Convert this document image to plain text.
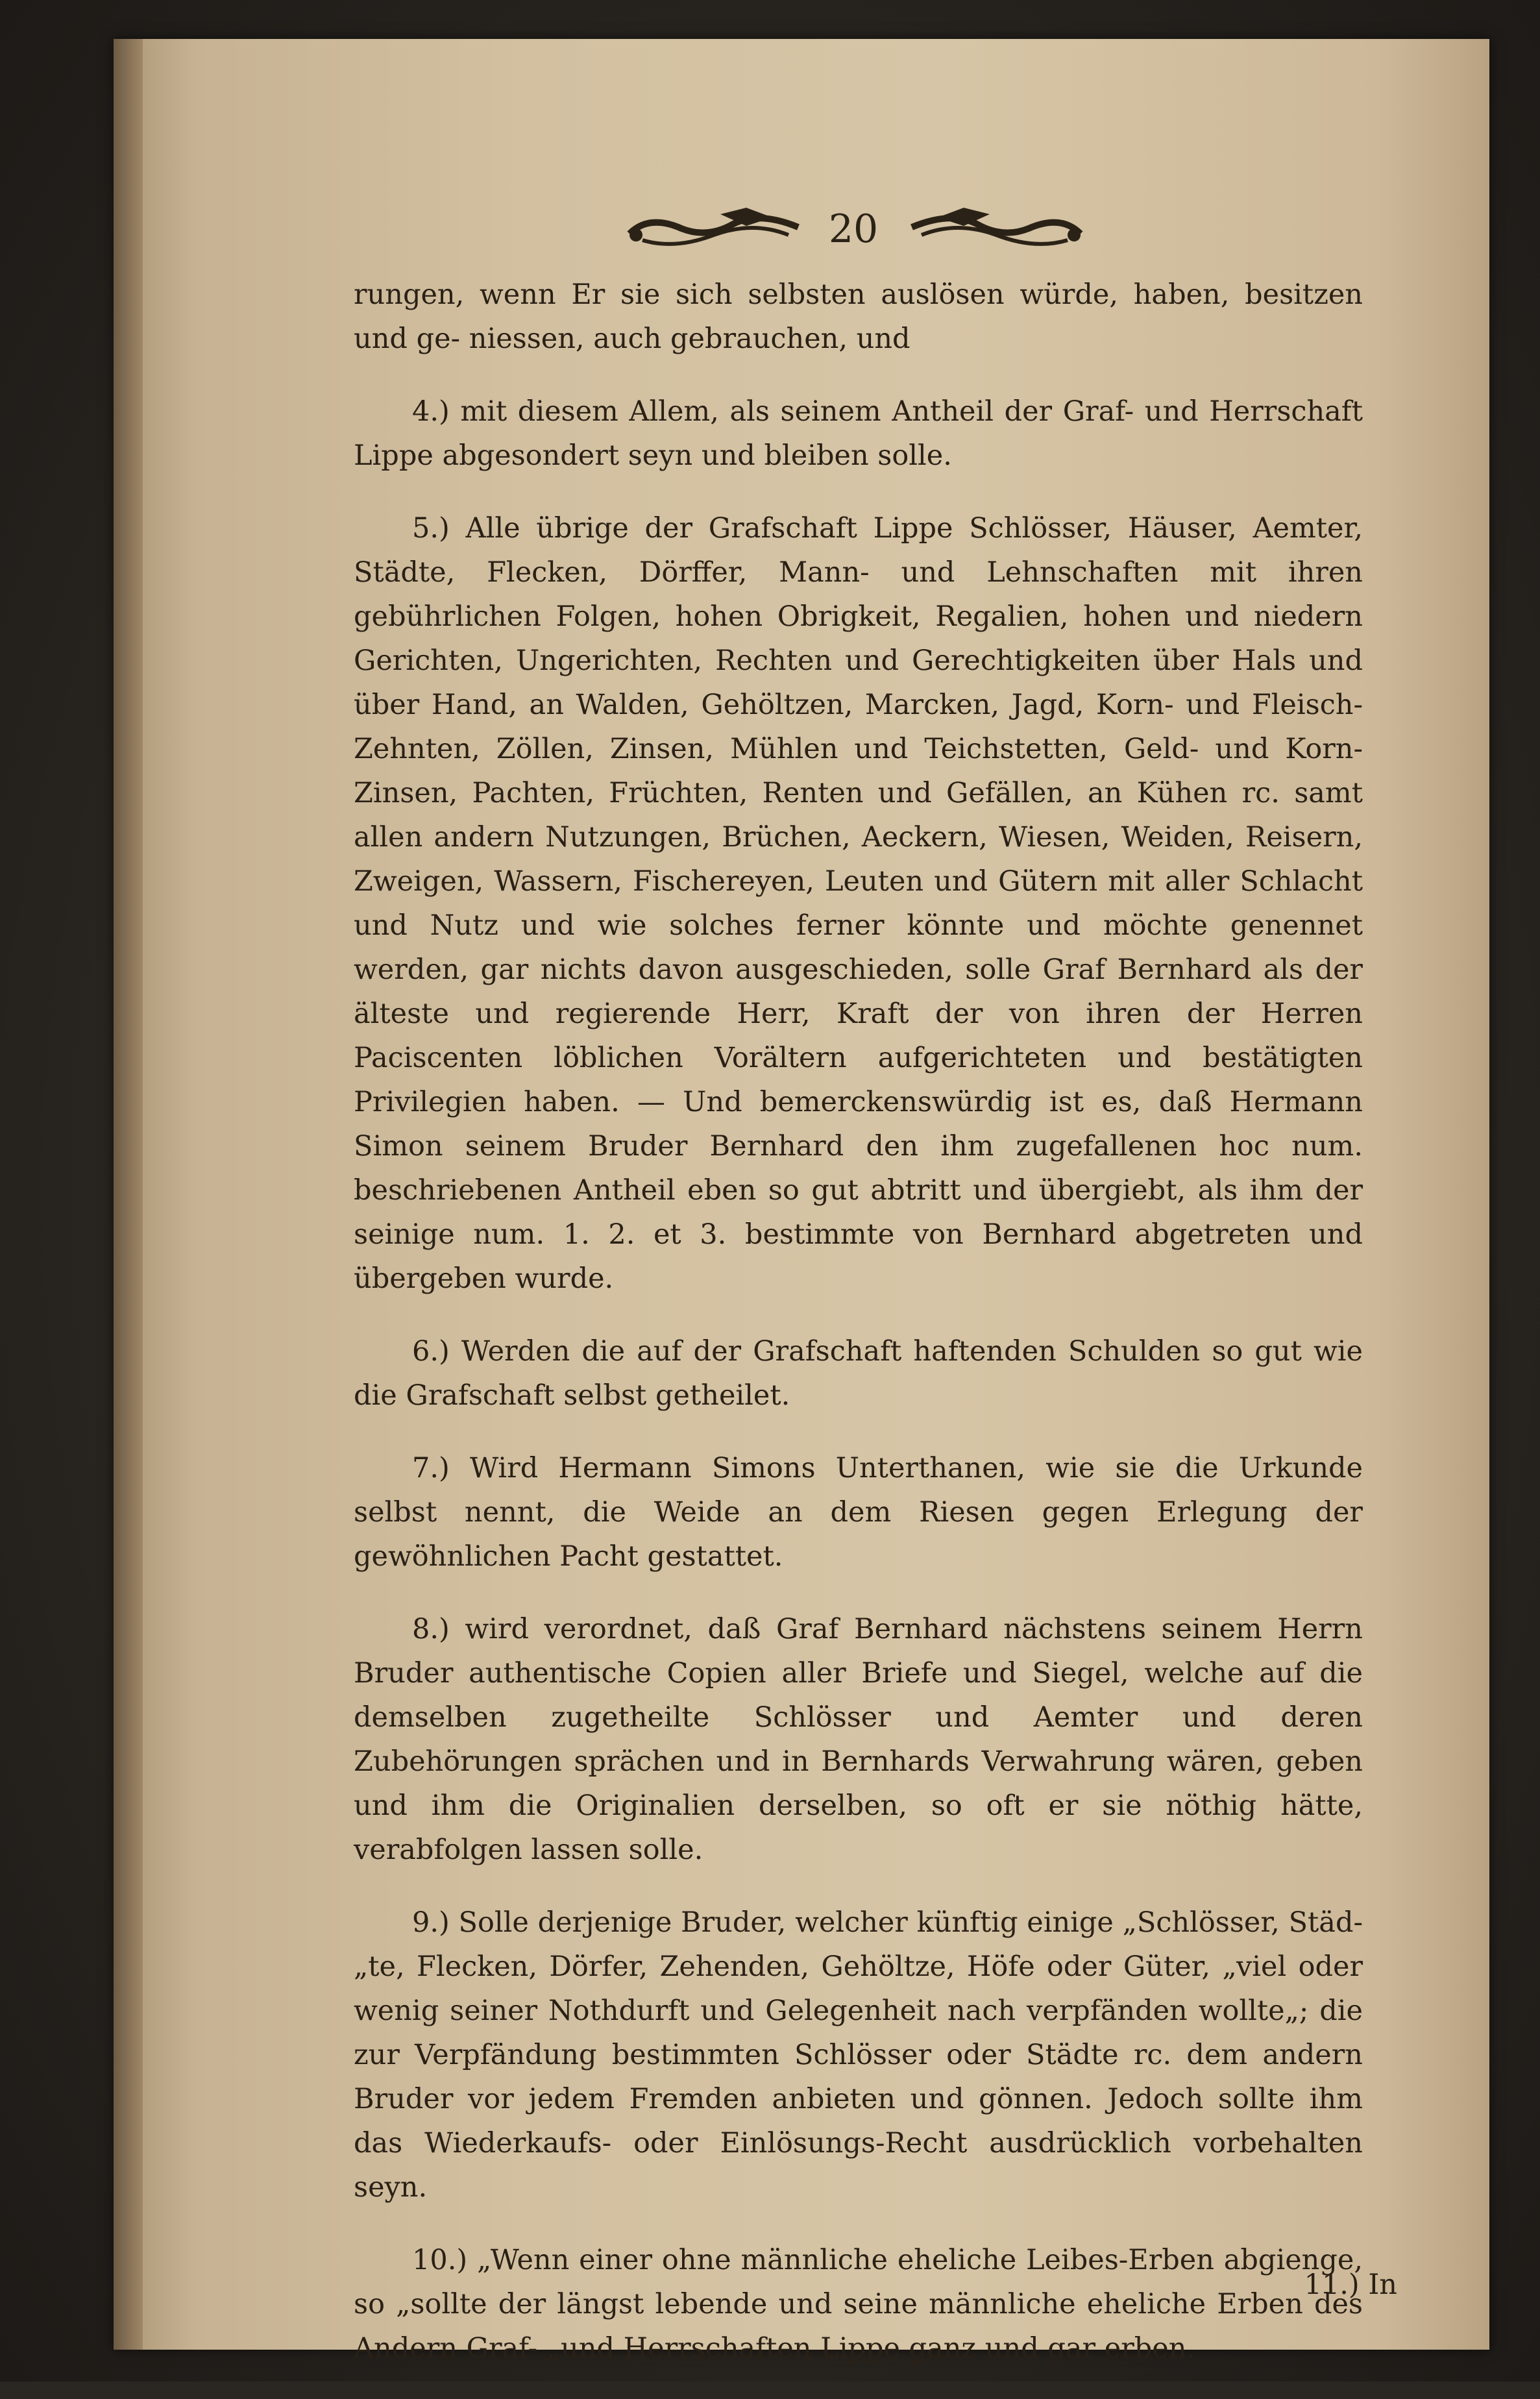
20

rungen, wenn Er sie sich selbsten auslösen würde, haben, besitzen und ge- niessen, auch gebrauchen, und

4.) mit diesem Allem, als seinem Antheil der Graf- und Herrschaft Lippe abgesondert seyn und bleiben solle.

5.) Alle übrige der Grafschaft Lippe Schlösser, Häuser, Aemter, Städte, Flecken, Dörffer, Mann- und Lehnschaften mit ihren gebührlichen Folgen, hohen Obrigkeit, Regalien, hohen und niedern Gerichten, Ungerichten, Rechten und Gerechtigkeiten über Hals und über Hand, an Walden, Gehöltzen, Marcken, Jagd, Korn- und Fleisch-Zehnten, Zöllen, Zinsen, Mühlen und Teichstetten, Geld- und Korn-Zinsen, Pachten, Früchten, Renten und Gefällen, an Kühen rc. samt allen andern Nutzungen, Brüchen, Aeckern, Wiesen, Weiden, Reisern, Zweigen, Wassern, Fischereyen, Leuten und Gütern mit aller Schlacht und Nutz und wie solches ferner könnte und möchte genennet werden, gar nichts davon ausgeschieden, solle Graf Bernhard als der älteste und regierende Herr, Kraft der von ihren der Herren Paciscenten löblichen Vorältern aufgerichteten und bestätigten Privilegien haben. — Und bemerckenswürdig ist es, daß Hermann Simon seinem Bruder Bernhard den ihm zugefallenen hoc num. beschriebenen Antheil eben so gut abtritt und übergiebt, als ihm der seinige num. 1. 2. et 3. bestimmte von Bernhard abgetreten und übergeben wurde.

6.) Werden die auf der Grafschaft haftenden Schulden so gut wie die Grafschaft selbst getheilet.

7.) Wird Hermann Simons Unterthanen, wie sie die Urkunde selbst nennt, die Weide an dem Riesen gegen Erlegung der gewöhnlichen Pacht gestattet.

8.) wird verordnet, daß Graf Bernhard nächstens seinem Herrn Bruder authentische Copien aller Briefe und Siegel, welche auf die demselben zugetheilte Schlösser und Aemter und deren Zubehörungen sprächen und in Bernhards Verwahrung wären, geben und ihm die Originalien derselben, so oft er sie nöthig hätte, verabfolgen lassen solle.

9.) Solle derjenige Bruder, welcher künftig einige „Schlösser, Städ- „te, Flecken, Dörfer, Zehenden, Gehöltze, Höfe oder Güter, „viel oder wenig seiner Nothdurft und Gelegenheit nach verpfänden wollte„; die zur Verpfändung bestimmten Schlösser oder Städte rc. dem andern Bruder vor jedem Fremden anbieten und gönnen. Jedoch sollte ihm das Wiederkaufs- oder Einlösungs-Recht ausdrücklich vorbehalten seyn.

10.) „Wenn einer ohne männliche eheliche Leibes-Erben abgienge, so „sollte der längst lebende und seine männliche eheliche Erben des Andern Graf- „und Herrschaften Lippe ganz und gar erben.

11.) In
